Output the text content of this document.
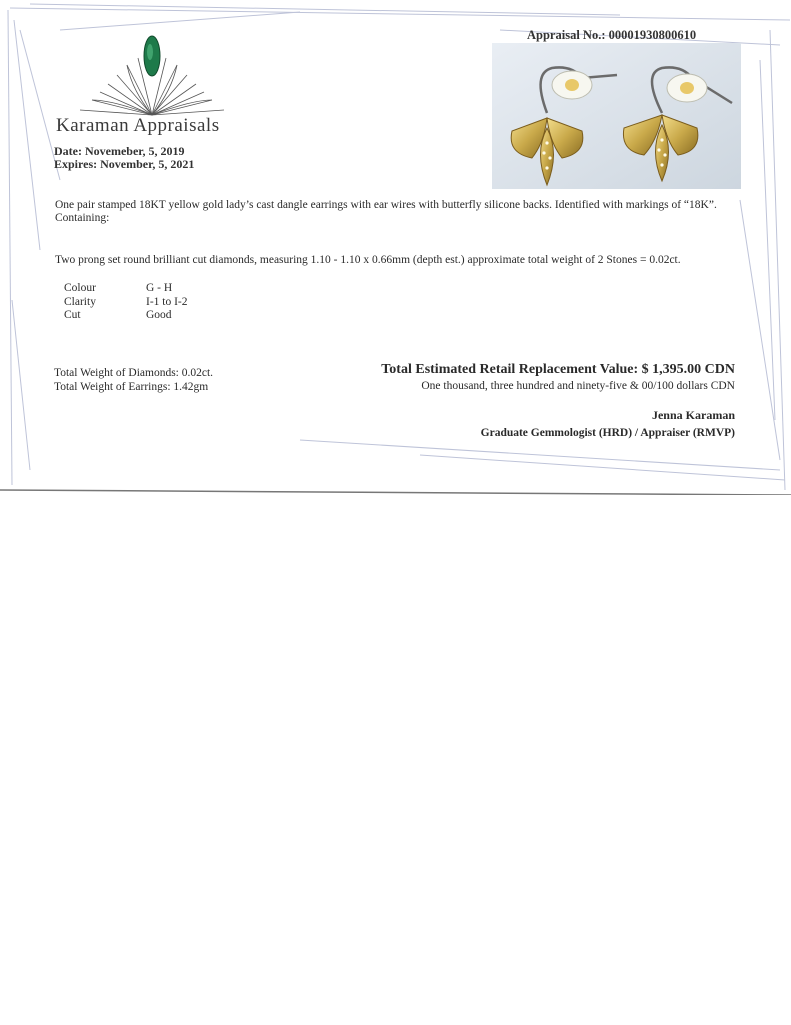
Karaman Appraisals
Date: Novemeber, 5, 2019
Expires: November, 5, 2021
Appraisal No.: 00001930800610
One pair stamped 18KT yellow gold lady’s cast dangle earrings with ear wires with butterfly silicone backs. Identified with markings of “18K”.
Containing:
Two prong set round brilliant cut diamonds, measuring 1.10 - 1.10 x 0.66mm (depth est.) approximate total weight of 2 Stones = 0.02ct.
Colour	G - H
Clarity	I-1 to I-2
Cut	Good
Total Weight of Diamonds: 0.02ct.
Total Weight of Earrings: 1.42gm
Total Estimated Retail Replacement Value: $ 1,395.00 CDN
One thousand, three hundred and ninety-five & 00/100 dollars CDN
Jenna Karaman
Graduate Gemmologist (HRD) / Appraiser (RMVP)
